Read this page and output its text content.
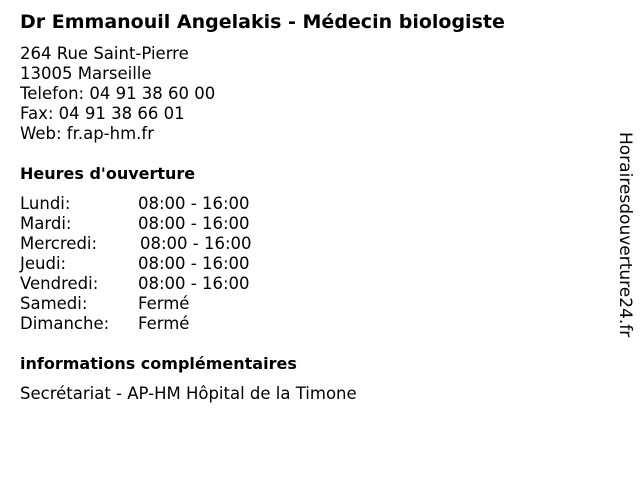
Dr Emmanouil Angelakis - Médecin biologiste
264 Rue Saint-Pierre
13005 Marseille
Telefon: 04 91 38 60 00
Fax: 04 91 38 66 01
Web: fr.ap-hm.fr
Heures d'ouverture
Lundi:	08:00 - 16:00
Mardi:	08:00 - 16:00
Mercredi:	08:00 - 16:00
Jeudi:	08:00 - 16:00
Vendredi: 08:00 - 16:00
Samedi:	Fermé
Dimanche: Fermé
informations complémentaires
Secrétariat - AP-HM Hôpital de la Timone
Horairesdouverture24.fr
